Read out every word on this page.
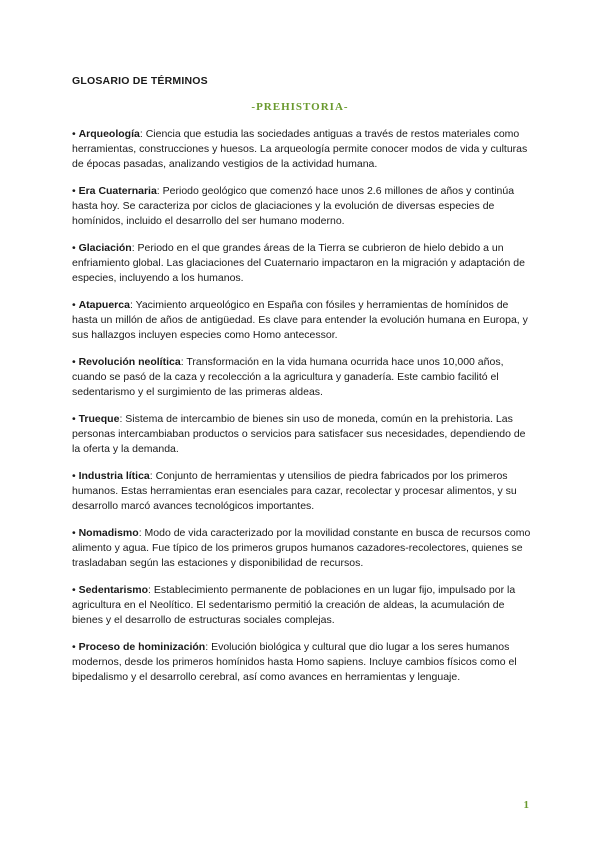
GLOSARIO DE TÉRMINOS
-PREHISTORIA-
• Arqueología: Ciencia que estudia las sociedades antiguas a través de restos materiales como herramientas, construcciones y huesos. La arqueología permite conocer modos de vida y culturas de épocas pasadas, analizando vestigios de la actividad humana.
• Era Cuaternaria: Periodo geológico que comenzó hace unos 2.6 millones de años y continúa hasta hoy. Se caracteriza por ciclos de glaciaciones y la evolución de diversas especies de homínidos, incluido el desarrollo del ser humano moderno.
• Glaciación: Periodo en el que grandes áreas de la Tierra se cubrieron de hielo debido a un enfriamiento global. Las glaciaciones del Cuaternario impactaron en la migración y adaptación de especies, incluyendo a los humanos.
• Atapuerca: Yacimiento arqueológico en España con fósiles y herramientas de homínidos de hasta un millón de años de antigüedad. Es clave para entender la evolución humana en Europa, y sus hallazgos incluyen especies como Homo antecessor.
• Revolución neolítica: Transformación en la vida humana ocurrida hace unos 10,000 años, cuando se pasó de la caza y recolección a la agricultura y ganadería. Este cambio facilitó el sedentarismo y el surgimiento de las primeras aldeas.
• Trueque: Sistema de intercambio de bienes sin uso de moneda, común en la prehistoria. Las personas intercambiaban productos o servicios para satisfacer sus necesidades, dependiendo de la oferta y la demanda.
• Industria lítica: Conjunto de herramientas y utensilios de piedra fabricados por los primeros humanos. Estas herramientas eran esenciales para cazar, recolectar y procesar alimentos, y su desarrollo marcó avances tecnológicos importantes.
• Nomadismo: Modo de vida caracterizado por la movilidad constante en busca de recursos como alimento y agua. Fue típico de los primeros grupos humanos cazadores-recolectores, quienes se trasladaban según las estaciones y disponibilidad de recursos.
• Sedentarismo: Establecimiento permanente de poblaciones en un lugar fijo, impulsado por la agricultura en el Neolítico. El sedentarismo permitió la creación de aldeas, la acumulación de bienes y el desarrollo de estructuras sociales complejas.
• Proceso de hominización: Evolución biológica y cultural que dio lugar a los seres humanos modernos, desde los primeros homínidos hasta Homo sapiens. Incluye cambios físicos como el bipedalismo y el desarrollo cerebral, así como avances en herramientas y lenguaje.
1
